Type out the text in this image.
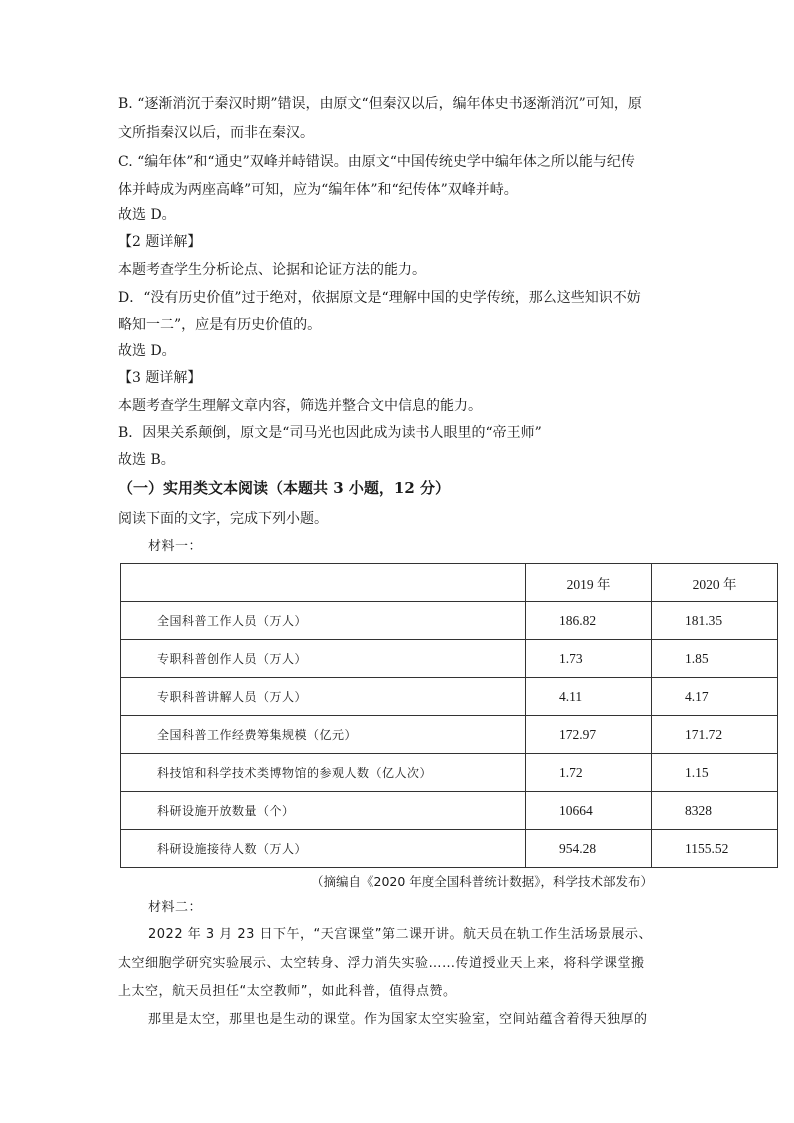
B. “逐渐消沉于秦汉时期”错误，由原文“但秦汉以后，编年体史书逐渐消沉”可知，原
文所指秦汉以后，而非在秦汉。
C. “编年体”和“通史”双峰并峙错误。由原文“中国传统史学中编年体之所以能与纪传
体并峙成为两座高峰”可知，应为“编年体”和“纪传体”双峰并峙。
故选 D。
【2 题详解】
本题考查学生分析论点、论据和论证方法的能力。
D．“没有历史价值”过于绝对，依据原文是“理解中国的史学传统，那么这些知识不妨
略知一二”，应是有历史价值的。
故选 D。
【3 题详解】
本题考查学生理解文章内容，筛选并整合文中信息的能力。
B．因果关系颠倒，原文是“司马光也因此成为读书人眼里的“帝王师”
故选 B。
（一）实用类文本阅读（本题共 3 小题，12 分）
阅读下面的文字，完成下列小题。
材料一：
	2019 年	2020 年
全国科普工作人员（万人）	186.82	181.35
专职科普创作人员（万人）	1.73	1.85
专职科普讲解人员（万人）	4.11	4.17
全国科普工作经费筹集规模（亿元）	172.97	171.72
科技馆和科学技术类博物馆的参观人数（亿人次）	1.72	1.15
科研设施开放数量（个）	10664	8328
科研设施接待人数（万人）	954.28	1155.52
（摘编自《2020 年度全国科普统计数据》，科学技术部发布）
材料二：
2022 年 3 月 23 日下午，“天宫课堂”第二课开讲。航天员在轨工作生活场景展示、
太空细胞学研究实验展示、太空转身、浮力消失实验……传道授业天上来，将科学课堂搬
上太空，航天员担任“太空教师”，如此科普，值得点赞。
那里是太空，那里也是生动的课堂。作为国家太空实验室，空间站蕴含着得天独厚的
